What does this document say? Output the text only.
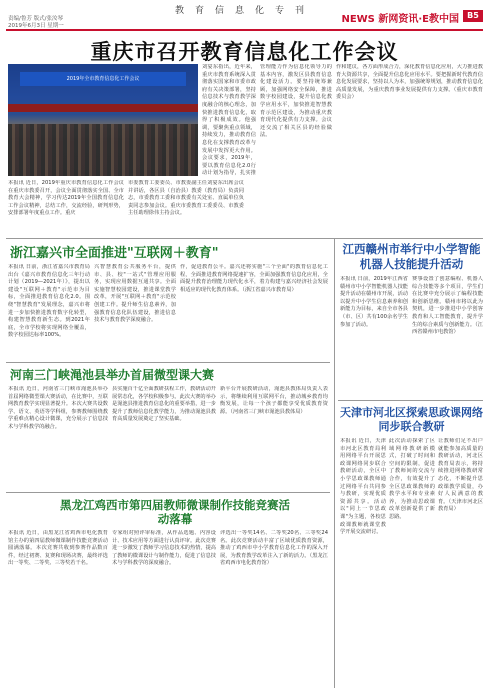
教育信息化专刊
责编/鲁芳 版式/张汝琴
2019年6月3日 星期一
NEWS 新网资讯·E教中国	B5
重庆市召开教育信息化工作会议
2019年全市教育信息化工作会议
刘宴东指出，近年来，重庆市教育系统深入贯彻落实国家和市委市政府有关决策部署，坚持信息技术与教育教学深度融合的核心理念，加快推进教育信息化，取得了积极成效。他强调，要聚焦重点领域，持续发力，推动教育信息化在支撑教育改革与发展中发挥更大作用。会议要求，2019年，要以教育信息化2.0行动计划为指导，扎实推
管理能力作为信息化领导力的基本内容，激发区县教育信息化建设活力。要坚持统筹兼顾，加强网络安全保障，推进数字校园建设，提升信息化教学应用水平，加快推进智慧教育示范区建设，为推动重庆教育现代化提供有力支撑。会议还交流了相关区县的经验做法。
作和建议，各方面形成合力，深化教育信息化应用，大力推进教育大资源共享，全面提升信息化应用水平。要把握新时代教育信息化发展要求，坚持以人为本，加强统筹规划，推动教育信息化高质量发展，为重庆教育事业发展提供有力支撑。（重庆市教育委员会）
本报讯 近日，2019年重庆市教育信息化工作会议在重庆市教委召开，会议全面贯彻落实全国、全市教育大会精神，学习传达2019年全国教育信息化工作会议精神，总结工作，交流经验，研判形势，安排部署年度重点工作。重庆
市委教育工委委员、市教委副主任刘宴东出席会议并讲话，各区县（自治县）教委（教育局）负责同志，市委教育工委和市教委有关处室、直属单位负责同志参加会议。重庆市委教育工委委员、市教委主任助理徐伟主持会议。
浙江嘉兴市全面推进"互联网＋教育"
本报讯 日前，浙江省嘉兴市教育局出台《嘉兴市教育信息化三年行动计划（2019—2021年）》，提出以建设"互联网＋教育"示范市为目标，全面推进教育信息化2.0。围绕"智慧教育"发展理念，嘉兴市将进一步加快推进教育数字化转型，构建智慧教育新生态。到2021年底，全市学校将实现网络全覆盖，数字校园达标率100%。
兴智慧教育公共服务平台，提供市、县、校"一站式"管理应用服务，实现应用数据互通共享。全面实施智慧校园建设，推进课堂教学改革，开展"互联网＋教育"示范校创建工作。提升师生信息素养，加强教育信息化队伍建设，推进信息技术与教育教学深度融合。
作，促进教育公平。嘉兴还将实施"三个全面"的教育信息化工程，全面推进教育网络提速扩容，全面加强教育信息化应用，全面提升教育治理能力现代化水平，着力构建与嘉兴经济社会发展相适应的现代化教育体系。（浙江省嘉兴市教育局）
河南三门峡渑池县举办首届微型课大赛
本报讯 近日，河南省三门峡市渑池县举办首届网络微型课大赛活动，在比赛中，互联网教育教学实现显著提升。本次大赛共设数学、语文、英语等学科组，参赛教师围绕教学重难点精心设计微课，充分展示了信息技术与学科教学的融合。
县实施百千亿全面教研扶程工作，教研活动开展常态化，各学校积极参与。此次大赛的举办是渑池县推进教育信息化的重要举措，进一步提升了教师信息化教学能力，为推动渑池县教育高质量发展奠定了坚实基础。
新平台开展教研活动，渑池县教体局负责人表示，将继续利用互联网平台，推动城乡教育均衡发展，让每一个孩子都能享受优质教育资源。（河南省三门峡市渑池县教体局）
黑龙江鸡西市第四届教师微课制作技能竞赛活动落幕
本报讯 近日，由黑龙江省鸡西市电化教育馆主办的第四届教师微课制作技能竞赛活动圆满落幕。本次竞赛共收到参赛作品数百件，经过初赛、复赛和现场决赛，最终评选出一等奖、二等奖、三等奖若干名。
专家组对照评审标准，从作品选题、内容设计、技术应用等方面进行认真评审。此次竞赛进一步激发了教师学习信息技术的热情，提高了教师的微课设计与制作能力，促进了信息技术与学科教学的深度融合。
评选出一等奖14名、二等奖20名、三等奖24名。此次竞赛活动丰富了区域优质教育资源，推动了鸡西市中小学教育信息化工作的深入开展，为教育教学改革注入了新的活力。（黑龙江省鸡西市电化教育馆）
江西赣州市举行中小学智能机器人技能提升活动
本报讯 日前，2019年江西省赣州市中小学智能机器人技能提升活动在赣州市开展，活动以提升中小学生信息素养和创新能力为目标，来自全市各县（市、区）共有100余名学生参加了活动。
赛事设置了创意编程、机器人综合技能等多个项目，学生们在比赛中充分展示了编程技能和创新思维。赣州市将以此为契机，进一步推进中小学创客教育和人工智能教育，提升学生的综合素质与创新能力。（江西省赣州市电教馆）
天津市河北区探索思政课网络同步联合教研
本报讯 近日，天津市河北区教育局利用网络平台开展思政课网络同步联合教研活动，全区中小学思政课教师通过网络平台共同参与教研，实现优质资源共享。活动以"同上一节思政课"为主题，各校思政课教师就课堂教学开展交流研讨。
此次活动探索了区域网络教研新模式，打破了时间和空间的限制，促进了教师间的交流与合作，有效提升了全区思政课教师的教学水平和专业素养，为推动思政课改革创新提供了新思路。
让教师们足不出户就能参加高质量的教研活动，河北区教育局表示，将持续推进网络教研常态化，不断提升思政课教学质量，办好人民满意的教育。（天津市河北区教育局）
